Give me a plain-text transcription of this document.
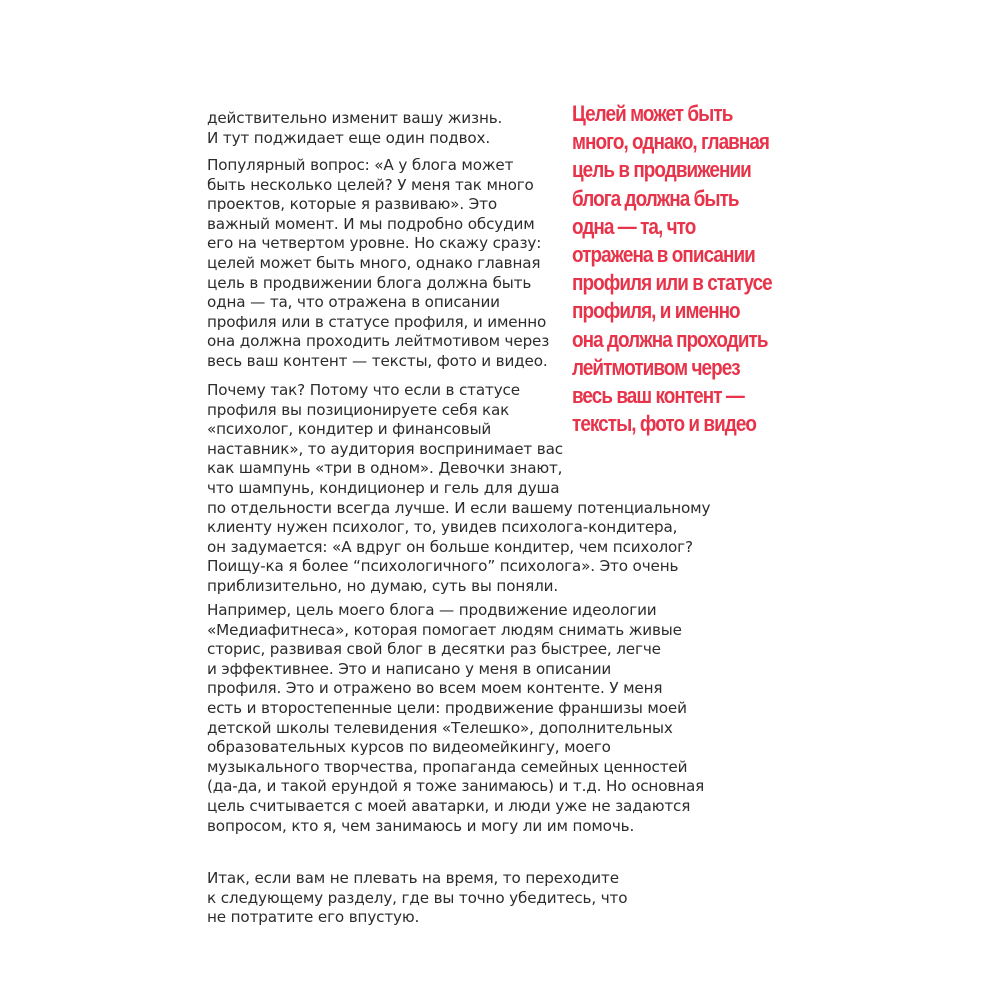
действительно изменит вашу жизнь.
И тут поджидает еще один подвох.
Популярный вопрос: «А у блога может
быть несколько целей? У меня так много
проектов, которые я развиваю». Это
важный момент. И мы подробно обсудим
его на четвертом уровне. Но скажу сразу:
целей может быть много, однако главная
цель в продвижении блога должна быть
одна — та, что отражена в описании
профиля или в статусе профиля, и именно
она должна проходить лейтмотивом через
весь ваш контент — тексты, фото и видео.
Почему так? Потому что если в статусе
профиля вы позиционируете себя как
«психолог, кондитер и финансовый
наставник», то аудитория воспринимает вас
как шампунь «три в одном». Девочки знают,
что шампунь, кондиционер и гель для душа
по отдельности всегда лучше. И если вашему потенциальному
клиенту нужен психолог, то, увидев психолога-кондитера,
он задумается: «А вдруг он больше кондитер, чем психолог?
Поищу-ка я более “психологичного” психолога». Это очень
приблизительно, но думаю, суть вы поняли.
Например, цель моего блога — продвижение идеологии
«Медиафитнеса», которая помогает людям снимать живые
сторис, развивая свой блог в десятки раз быстрее, легче
и эффективнее. Это и написано у меня в описании
профиля. Это и отражено во всем моем контенте. У меня
есть и второстепенные цели: продвижение франшизы моей
детской школы телевидения «Телешко», дополнительных
образовательных курсов по видеомейкингу, моего
музыкального творчества, пропаганда семейных ценностей
(да-да, и такой ерундой я тоже занимаюсь) и т.д. Но основная
цель считывается с моей аватарки, и люди уже не задаются
вопросом, кто я, чем занимаюсь и могу ли им помочь.
Итак, если вам не плевать на время, то переходите
к следующему разделу, где вы точно убедитесь, что
не потратите его впустую.
Целей может быть
много, однако, главная
цель в продвижении
блога должна быть
одна — та, что
отражена в описании
профиля или в статусе
профиля, и именно
она должна проходить
лейтмотивом через
весь ваш контент —
тексты, фото и видео
